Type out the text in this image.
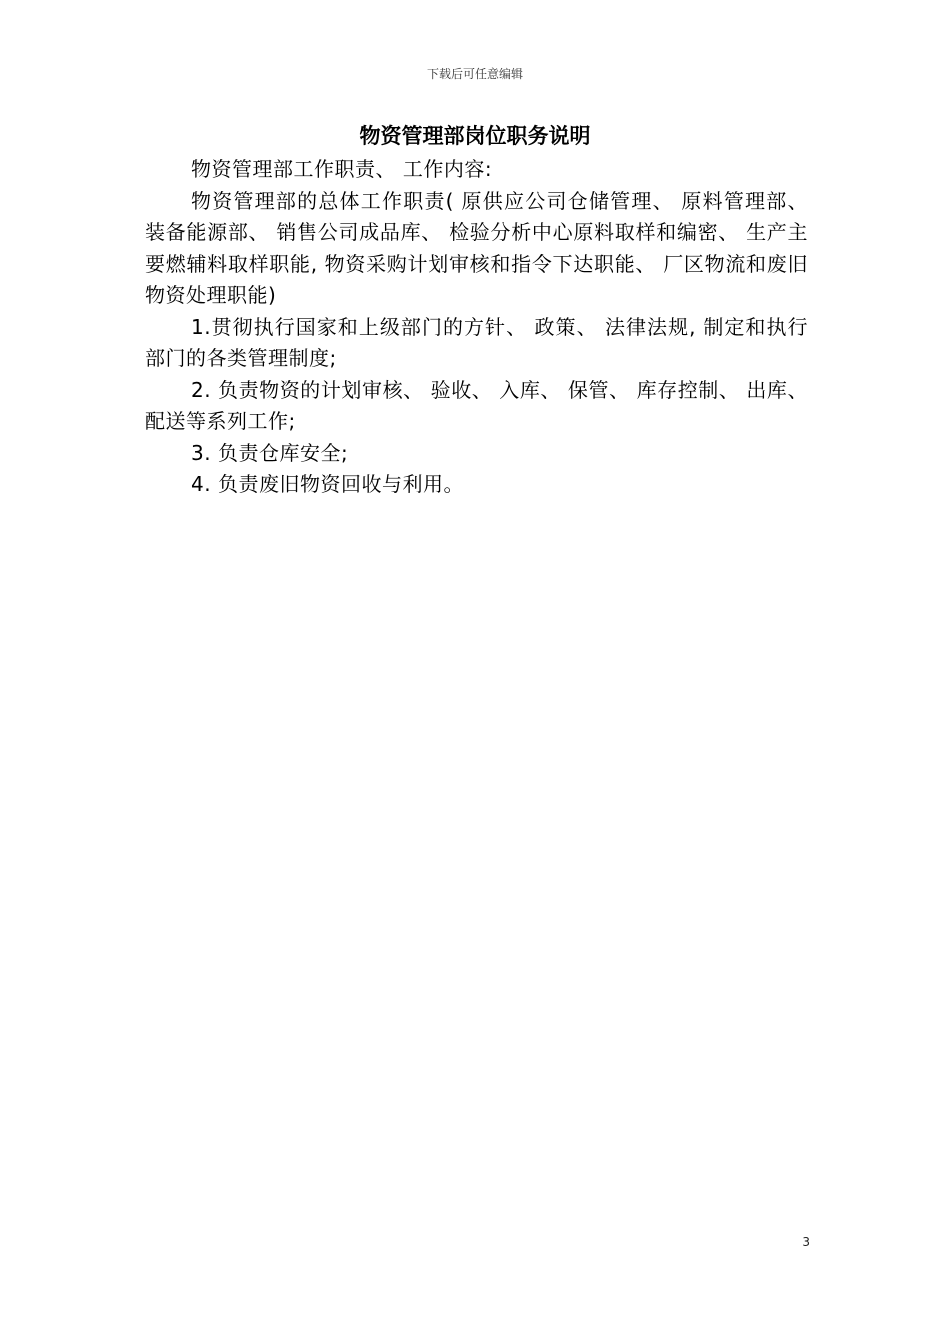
下载后可任意编辑
物资管理部岗位职务说明

物资管理部工作职责、 工作内容:

物资管理部的总体工作职责( 原供应公司仓储管理、 原料管理部、 装备能源部、 销售公司成品库、 检验分析中心原料取样和编密、 生产主要燃辅料取样职能, 物资采购计划审核和指令下达职能、 厂区物流和废旧物资处理职能)

1.贯彻执行国家和上级部门的方针、 政策、 法律法规, 制定和执行部门的各类管理制度;

2. 负责物资的计划审核、 验收、 入库、 保管、 库存控制、 出库、 配送等系列工作;

3. 负责仓库安全;

4. 负责废旧物资回收与利用。

3
